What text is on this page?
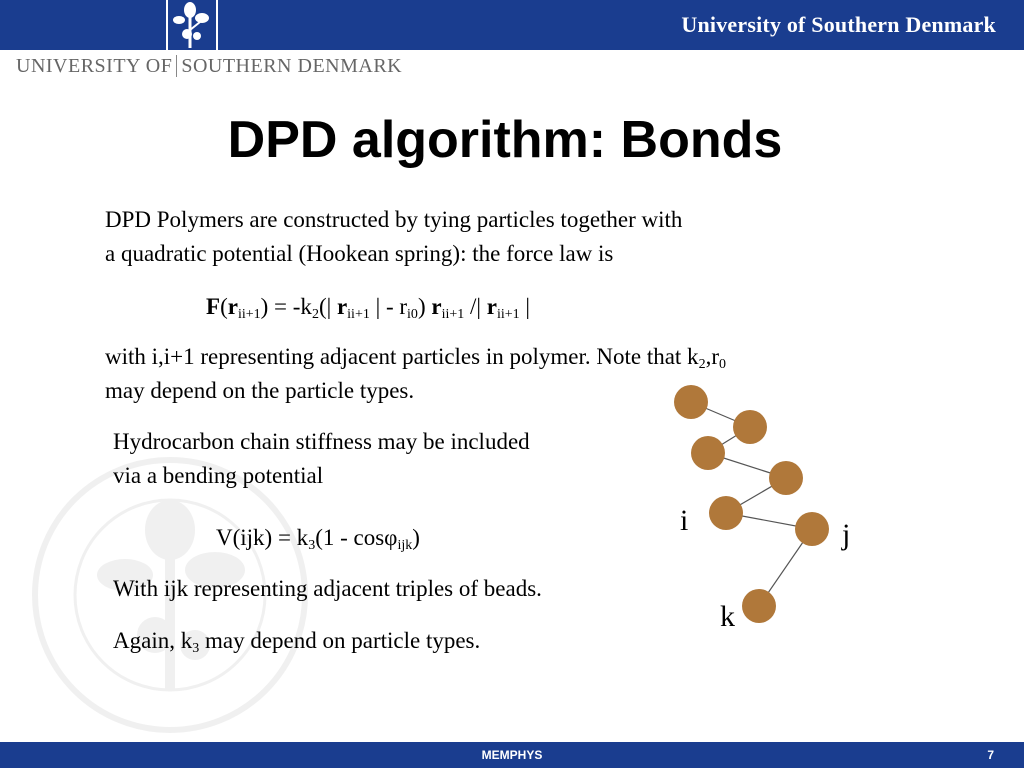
University of Southern Denmark
UNIVERSITY OF SOUTHERN DENMARK
DPD algorithm: Bonds
DPD Polymers are constructed by tying particles together with
a quadratic potential (Hookean spring): the force law is
$F(r_{ii+1}) = -k_2(|$ $r_{ii+1}$ | - $r_{i0}$) $r_{ii+1}$ /| $r_{ii+1}$ |
with i,i+1 representing adjacent particles in polymer. Note that $k_2,r_0$
may depend on the particle types.
Hydrocarbon chain stiffness may be included
via a bending potential
$V(ijk) = k_3(1 - \cos\varphi_{ijk})$
With ijk representing adjacent triples of beads.
Again, $k_3$ may depend on particle types.
i	j
k
MEMPHYS	7
